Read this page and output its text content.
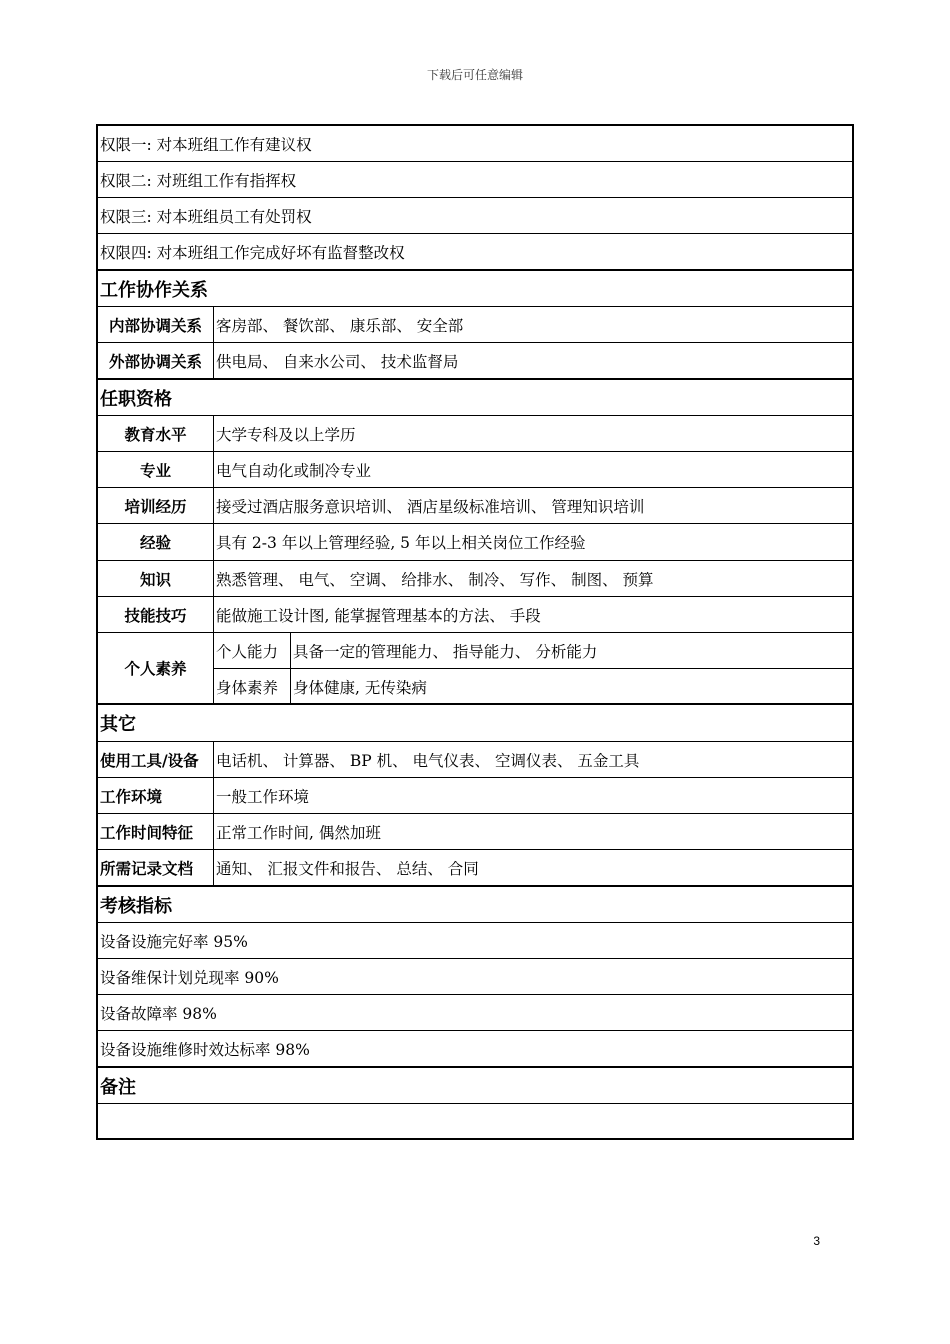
下载后可任意编辑
权限一: 对本班组工作有建议权
权限二: 对班组工作有指挥权
权限三: 对本班组员工有处罚权
权限四: 对本班组工作完成好坏有监督整改权
工作协作关系
内部协调关系 客房部、 餐饮部、 康乐部、 安全部
外部协调关系 供电局、 自来水公司、 技术监督局
任职资格
教育水平	大学专科及以上学历
专业	电气自动化或制冷专业
培训经历	接受过酒店服务意识培训、 酒店星级标准培训、 管理知识培训
经验	具有 2-3 年以上管理经验, 5 年以上相关岗位工作经验
知识	熟悉管理、 电气、 空调、 给排水、 制冷、 写作、 制图、 预算
技能技巧	能做施工设计图, 能掌握管理基本的方法、 手段
个人素养
个人能力 具备一定的管理能力、 指导能力、 分析能力
身体素养 身体健康, 无传染病
其它
使用工具/设备	电话机、 计算器、 BP 机、 电气仪表、 空调仪表、 五金工具
工作环境	一般工作环境
工作时间特征	正常工作时间, 偶然加班
所需记录文档	通知、 汇报文件和报告、 总结、 合同
考核指标
设备设施完好率 95%
设备维保计划兑现率 90%
设备故障率 98%
设备设施维修时效达标率 98%
备注
3
